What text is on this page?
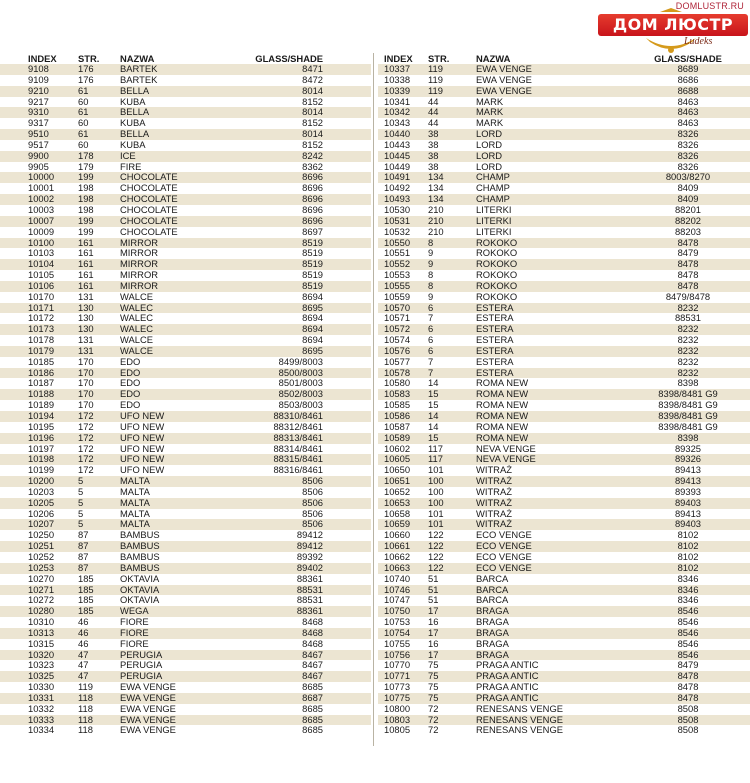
DOMLUSTR.RU
ДОМ ЛЮСТР
Ludeks
INDEX	STR.	NAZWA	GLASS/SHADE
9108	176	BARTEK	8471
9109	176	BARTEK	8472
9210	61	BELLA	8014
9217	60	KUBA	8152
9310	61	BELLA	8014
9317	60	KUBA	8152
9510	61	BELLA	8014
9517	60	KUBA	8152
9900	178	ICE	8242
9905	179	FIRE	8362
10000	199	CHOCOLATE	8696
10001	198	CHOCOLATE	8696
10002	198	CHOCOLATE	8696
10003	198	CHOCOLATE	8696
10007	199	CHOCOLATE	8696
10009	199	CHOCOLATE	8697
10100	161	MIRROR	8519
10103	161	MIRROR	8519
10104	161	MIRROR	8519
10105	161	MIRROR	8519
10106	161	MIRROR	8519
10170	131	WALCE	8694
10171	130	WALEC	8695
10172	130	WALEC	8694
10173	130	WALEC	8694
10178	131	WALCE	8694
10179	131	WALCE	8695
10185	170	EDO	8499/8003
10186	170	EDO	8500/8003
10187	170	EDO	8501/8003
10188	170	EDO	8502/8003
10189	170	EDO	8503/8003
10194	172	UFO NEW	88310/8461
10195	172	UFO NEW	88312/8461
10196	172	UFO NEW	88313/8461
10197	172	UFO NEW	88314/8461
10198	172	UFO NEW	88315/8461
10199	172	UFO NEW	88316/8461
10200	5	MALTA	8506
10203	5	MALTA	8506
10205	5	MALTA	8506
10206	5	MALTA	8506
10207	5	MALTA	8506
10250	87	BAMBUS	89412
10251	87	BAMBUS	89412
10252	87	BAMBUS	89392
10253	87	BAMBUS	89402
10270	185	OKTAVIA	88361
10271	185	OKTAVIA	88531
10272	185	OKTAVIA	88531
10280	185	WEGA	88361
10310	46	FIORE	8468
10313	46	FIORE	8468
10315	46	FIORE	8468
10320	47	PERUGIA	8467
10323	47	PERUGIA	8467
10325	47	PERUGIA	8467
10330	119	EWA VENGE	8685
10331	118	EWA VENGE	8687
10332	118	EWA VENGE	8685
10333	118	EWA VENGE	8685
10334	118	EWA VENGE	8685
INDEX	STR.	NAZWA	GLASS/SHADE
10337	119	EWA VENGE	8689
10338	119	EWA VENGE	8686
10339	119	EWA VENGE	8688
10341	44	MARK	8463
10342	44	MARK	8463
10343	44	MARK	8463
10440	38	LORD	8326
10443	38	LORD	8326
10445	38	LORD	8326
10449	38	LORD	8326
10491	134	CHAMP	8003/8270
10492	134	CHAMP	8409
10493	134	CHAMP	8409
10530	210	LITERKI	88201
10531	210	LITERKI	88202
10532	210	LITERKI	88203
10550	8	ROKOKO	8478
10551	9	ROKOKO	8479
10552	9	ROKOKO	8478
10553	8	ROKOKO	8478
10555	8	ROKOKO	8478
10559	9	ROKOKO	8479/8478
10570	6	ESTERA	8232
10571	7	ESTERA	88531
10572	6	ESTERA	8232
10574	6	ESTERA	8232
10576	6	ESTERA	8232
10577	7	ESTERA	8232
10578	7	ESTERA	8232
10580	14	ROMA NEW	8398
10583	15	ROMA NEW	8398/8481 G9
10585	15	ROMA NEW	8398/8481 G9
10586	14	ROMA NEW	8398/8481 G9
10587	14	ROMA NEW	8398/8481 G9
10589	15	ROMA NEW	8398
10602	117	NEVA VENGE	89325
10605	117	NEVA VENGE	89326
10650	101	WITRAŻ	89413
10651	100	WITRAŻ	89413
10652	100	WITRAŻ	89393
10653	100	WITRAŻ	89403
10658	101	WITRAŻ	89413
10659	101	WITRAŻ	89403
10660	122	ECO VENGE	8102
10661	122	ECO VENGE	8102
10662	122	ECO VENGE	8102
10663	122	ECO VENGE	8102
10740	51	BARCA	8346
10746	51	BARCA	8346
10747	51	BARCA	8346
10750	17	BRAGA	8546
10753	16	BRAGA	8546
10754	17	BRAGA	8546
10755	16	BRAGA	8546
10756	17	BRAGA	8546
10770	75	PRAGA ANTIC	8479
10771	75	PRAGA ANTIC	8478
10773	75	PRAGA ANTIC	8478
10775	75	PRAGA ANTIC	8478
10800	72	RENESANS VENGE	8508
10803	72	RENESANS VENGE	8508
10805	72	RENESANS VENGE	8508
